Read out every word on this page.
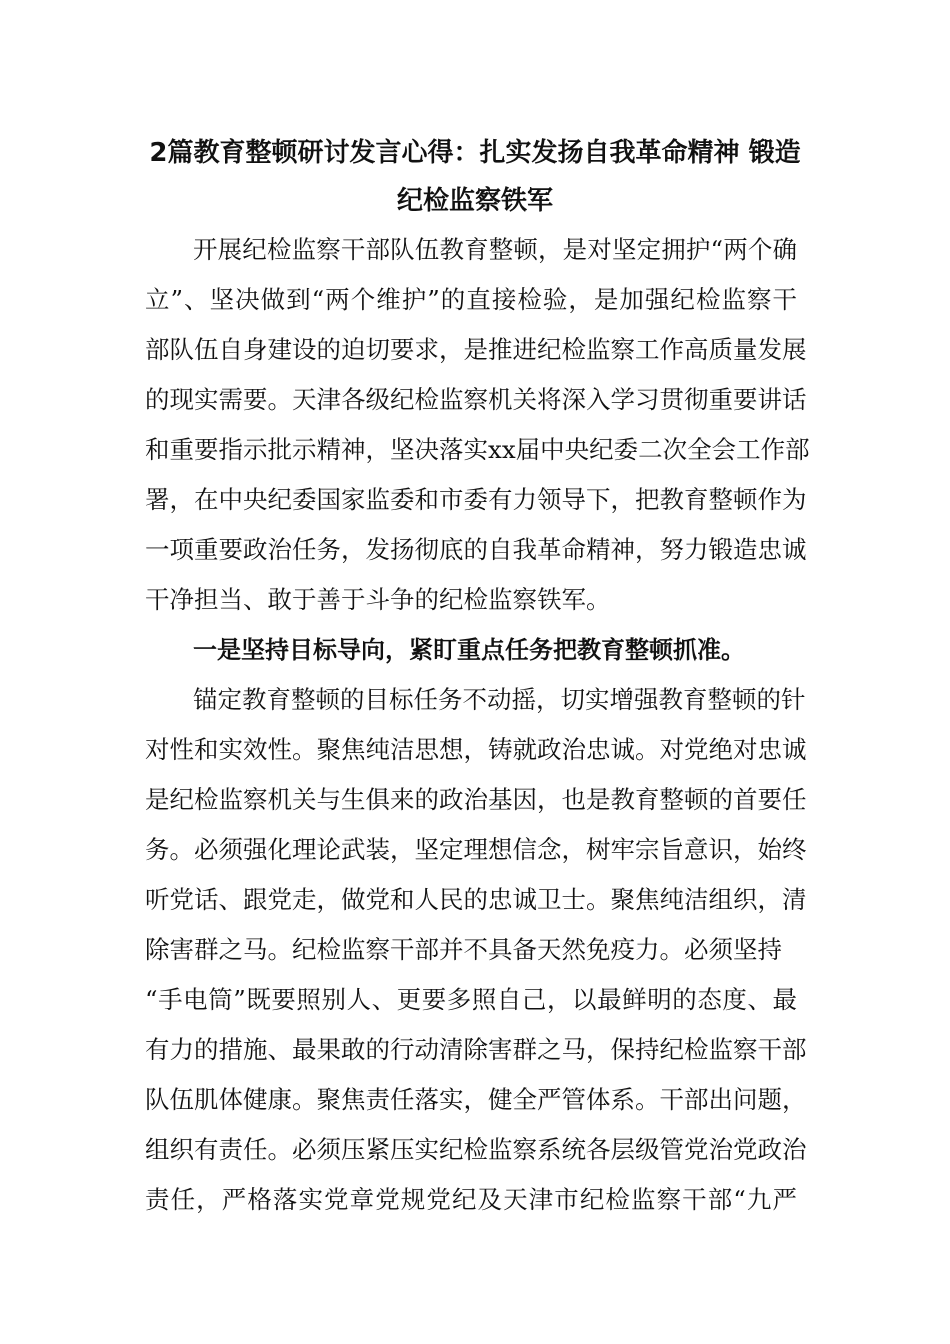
2篇教育整顿研讨发言心得：扎实发扬自我革命精神 锻造
纪检监察铁军
开展纪检监察干部队伍教育整顿，是对坚定拥护“两个确
立”、坚决做到“两个维护”的直接检验，是加强纪检监察干
部队伍自身建设的迫切要求，是推进纪检监察工作高质量发展
的现实需要。天津各级纪检监察机关将深入学习贯彻重要讲话
和重要指示批示精神，坚决落实xx届中央纪委二次全会工作部
署，在中央纪委国家监委和市委有力领导下，把教育整顿作为
一项重要政治任务，发扬彻底的自我革命精神，努力锻造忠诚
干净担当、敢于善于斗争的纪检监察铁军。
一是坚持目标导向，紧盯重点任务把教育整顿抓准。
锚定教育整顿的目标任务不动摇，切实增强教育整顿的针
对性和实效性。聚焦纯洁思想，铸就政治忠诚。对党绝对忠诚
是纪检监察机关与生俱来的政治基因，也是教育整顿的首要任
务。必须强化理论武装，坚定理想信念，树牢宗旨意识，始终
听党话、跟党走，做党和人民的忠诚卫士。聚焦纯洁组织，清
除害群之马。纪检监察干部并不具备天然免疫力。必须坚持
“手电筒”既要照别人、更要多照自己，以最鲜明的态度、最
有力的措施、最果敢的行动清除害群之马，保持纪检监察干部
队伍肌体健康。聚焦责任落实，健全严管体系。干部出问题，
组织有责任。必须压紧压实纪检监察系统各层级管党治党政治
责任，严格落实党章党规党纪及天津市纪检监察干部“九严
